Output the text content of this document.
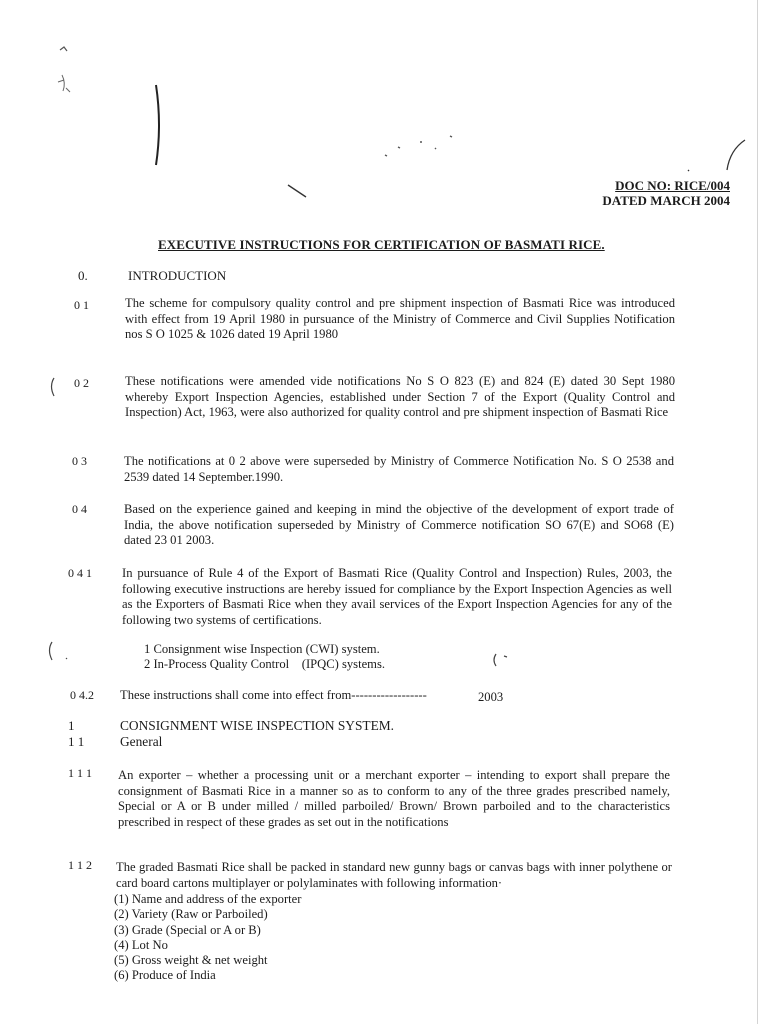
DOC NO: RICE/004
DATED MARCH 2004
EXECUTIVE INSTRUCTIONS FOR CERTIFICATION OF BASMATI RICE.
0.	INTRODUCTION
0 1	The scheme for compulsory quality control and pre shipment inspection of Basmati Rice was introduced with effect from 19 April 1980 in pursuance of the Ministry of Commerce and Civil Supplies Notification nos S O 1025 & 1026 dated 19 April 1980
0 2	These notifications were amended vide notifications No S O 823 (E) and 824 (E) dated 30 Sept 1980 whereby Export Inspection Agencies, established under Section 7 of the Export (Quality Control and Inspection) Act, 1963, were also authorized for quality control and pre shipment inspection of Basmati Rice
0 3	The notifications at 0 2 above were superseded by Ministry of Commerce Notification No. S O 2538 and 2539 dated 14 September.1990.
0 4	Based on the experience gained and keeping in mind the objective of the development of export trade of India, the above notification superseded by Ministry of Commerce notification SO 67(E) and SO68 (E) dated 23 01 2003.
0 4 1 In pursuance of Rule 4 of the Export of Basmati Rice (Quality Control and Inspection) Rules, 2003, the following executive instructions are hereby issued for compliance by the Export Inspection Agencies as well as the Exporters of Basmati Rice when they avail services of the Export Inspection Agencies for any of the following two systems of certifications.
1 Consignment wise Inspection (CWI) system.
2 In-Process Quality Control    (IPQC) systems.
0 4.2 These instructions shall come into effect from------------------	2003
1	CONSIGNMENT WISE INSPECTION SYSTEM.
1 1	General
1 1 1 An exporter – whether a processing unit or a merchant exporter – intending to export shall prepare the consignment of Basmati Rice in a manner so as to conform to any of the three grades prescribed namely, Special or A or B under milled / milled parboiled/ Brown/ Brown parboiled and to the characteristics prescribed in respect of these grades as set out in the notifications
1 1 2 The graded Basmati Rice shall be packed in standard new gunny bags or canvas bags with inner polythene or card board cartons multiplayer or polylaminates with following information·
(1) Name and address of the exporter
(2) Variety (Raw or Parboiled)
(3) Grade (Special or A or B)
(4) Lot No
(5) Gross weight & net weight
(6) Produce of India
